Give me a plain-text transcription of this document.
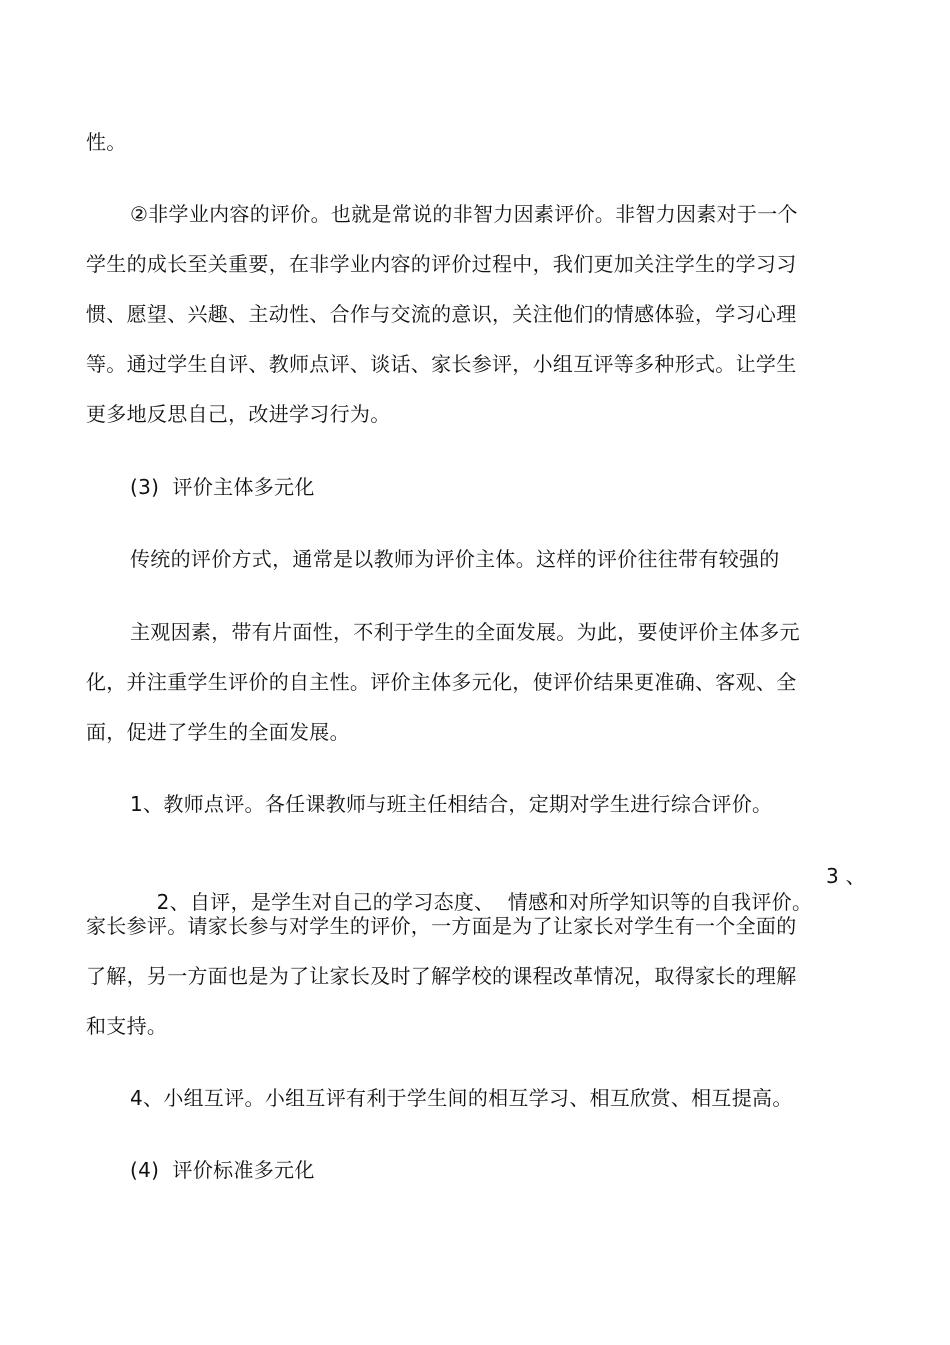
性。
②非学业内容的评价。也就是常说的非智力因素评价。非智力因素对于一个
学生的成长至关重要，在非学业内容的评价过程中，我们更加关注学生的学习习
惯、愿望、兴趣、主动性、合作与交流的意识，关注他们的情感体验，学习心理
等。通过学生自评、教师点评、谈话、家长参评，小组互评等多种形式。让学生
更多地反思自己，改进学习行为。
(3)  评价主体多元化
传统的评价方式，通常是以教师为评价主体。这样的评价往往带有较强的
主观因素，带有片面性，不利于学生的全面发展。为此，要使评价主体多元
化，并注重学生评价的自主性。评价主体多元化，使评价结果更准确、客观、全
面，促进了学生的全面发展。
1、教师点评。各任课教师与班主任相结合，定期对学生进行综合评价。

2、自评，是学生对自己的学习态度、  情感和对所学知识等的自我评价。

3 、

家长参评。请家长参与对学生的评价，一方面是为了让家长对学生有一个全面的
了解，另一方面也是为了让家长及时了解学校的课程改革情况，取得家长的理解
和支持。
4、小组互评。小组互评有利于学生间的相互学习、相互欣赏、相互提高。
(4)  评价标准多元化
